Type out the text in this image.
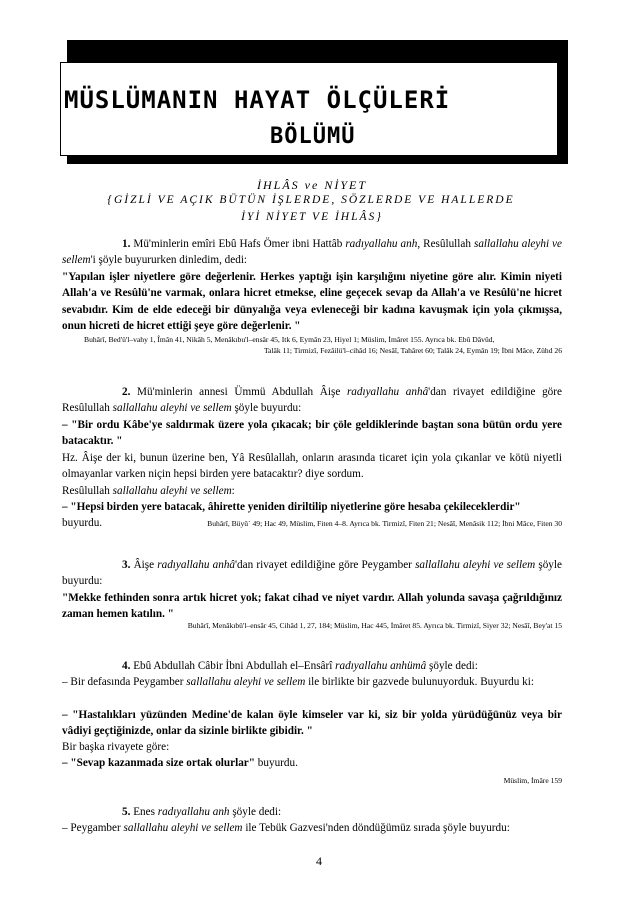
MÜSLÜMANIN HAYAT ÖLÇÜLERİ
BÖLÜMÜ
İHLÂS ve NİYET
{GİZLİ VE AÇIK BÜTÜN İŞLERDE, SÖZLERDE VE HALLERDE
İYİ NİYET VE İHLÂS}

1. Mü'minlerin emîri Ebû Hafs Ömer ibni Hattâb radıyallahu anh, Resûlullah sallallahu aleyhi ve sellem'i şöyle buyururken dinledim, dedi:

"Yapılan işler niyetlere göre değerlenir. Herkes yaptığı işin karşılığını niyetine göre alır. Kimin niyeti Allah'a ve Resûlü'ne varmak, onlara hicret etmekse, eline geçecek sevap da Allah'a ve Resûlü'ne hicret sevabıdır. Kim de elde edeceği bir dünyalığa veya evleneceği bir kadına kavuşmak için yola çıkmışsa, onun hicreti de hicret ettiği şeye göre değerlenir. "

Buhârî, Bed'ü'l–vahy 1, Îmân 41, Nikâh 5, Menâkıbu'l–ensâr 45, Itk 6, Eymân 23, Hiyel 1; Müslim, İmâret 155. Ayrıca bk. Ebû Dâvûd,
Talâk 11; Tirmizî, Fezâilü'l–cihâd 16; Nesâî, Tahâret 60; Talâk 24, Eymân 19; İbni Mâce, Zühd 26

2. Mü'minlerin annesi Ümmü Abdullah Âişe radıyallahu anhâ'dan rivayet edildiğine göre Resûlullah sallallahu aleyhi ve sellem şöyle buyurdu:

– "Bir ordu Kâbe'ye saldırmak üzere yola çıkacak; bir çöle geldiklerinde baştan sona bütün ordu yere batacaktır. "

Hz. Âişe der ki, bunun üzerine ben, Yâ Resûlallah, onların arasında ticaret için yola çıkanlar ve kötü niyetli olmayanlar varken niçin hepsi birden yere batacaktır? diye sordum.

Resûlullah sallallahu aleyhi ve sellem:

– "Hepsi birden yere batacak, âhirette yeniden diriltilip niyetlerine göre hesaba çekileceklerdir" buyurdu.	Buhârî, Büyû` 49; Hac 49, Müslim, Fiten 4–8. Ayrıca bk. Tirmizî, Fiten 21; Nesâî, Menâsik 112; İbni Mâce, Fiten 30

3. Âişe radıyallahu anhâ'dan rivayet edildiğine göre Peygamber sallallahu aleyhi ve sellem şöyle buyurdu:

"Mekke fethinden sonra artık hicret yok; fakat cihad ve niyet vardır. Allah yolunda savaşa çağrıldığınız zaman hemen katılın. "

Buhârî, Menâkıbü'l–ensâr 45, Cihâd 1, 27, 184; Müslim, Hac 445, İmâret 85. Ayrıca bk. Tirmizî, Siyer 32; Nesâî, Bey'at 15

4. Ebû Abdullah Câbir İbni Abdullah el–Ensârî radıyallahu anhümâ şöyle dedi:

– Bir defasında Peygamber sallallahu aleyhi ve sellem ile birlikte bir gazvede bulunuyorduk. Buyurdu ki:

– "Hastalıkları yüzünden Medine'de kalan öyle kimseler var ki, siz bir yolda yürüdüğünüz veya bir vâdiyi geçtiğinizde, onlar da sizinle birlikte gibidir. "

Bir başka rivayete göre:

– "Sevap kazanmada size ortak olurlar" buyurdu.

Müslim, İmâre 159

5. Enes radıyallahu anh şöyle dedi:

– Peygamber sallallahu aleyhi ve sellem ile Tebük Gazvesi'nden döndüğümüz sırada şöyle buyurdu:

4
